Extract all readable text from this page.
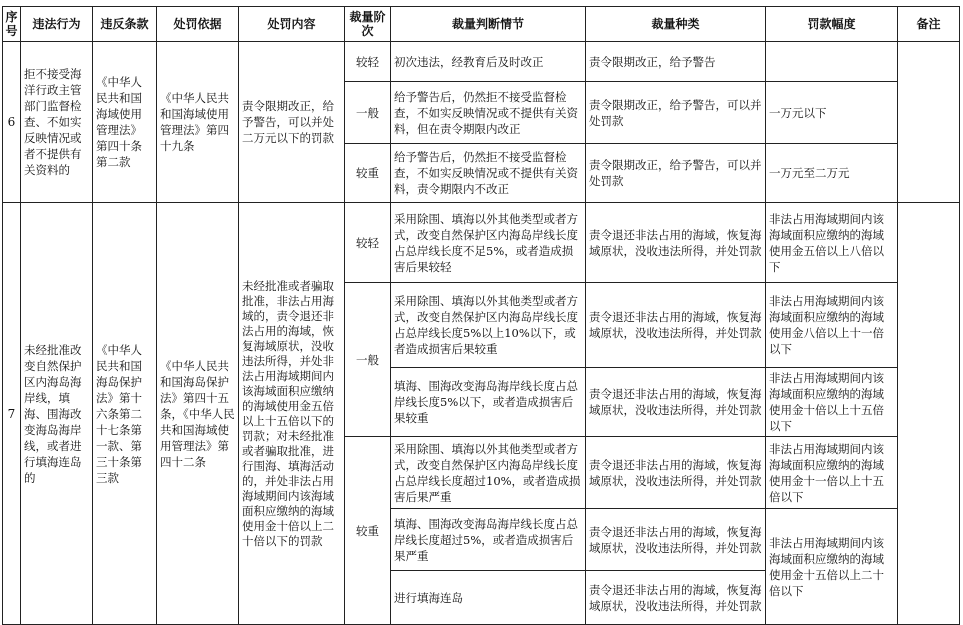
序号	违法行为	违反条款	处罚依据	处罚内容	裁量阶次	裁量判断情节	裁量种类	罚款幅度	备注
6	拒不接受海洋行政主管部门监督检查、不如实反映情况或者不提供有关资料的	《中华人民共和国海域使用管理法》第四十条第二款	《中华人民共和国海域使用管理法》第四十九条	责令限期改正，给予警告，可以并处二万元以下的罚款	较轻	初次违法，经教育后及时改正	责令限期改正，给予警告		
					一般	给予警告后，仍然拒不接受监督检查，不如实反映情况或不提供有关资料，但在责令期限内改正	责令限期改正，给予警告，可以并处罚款	一万元以下	
					较重	给予警告后，仍然拒不接受监督检查，不如实反映情况或不提供有关资料，责令期限内不改正	责令限期改正，给予警告，可以并处罚款	一万元至二万元	
7	未经批准改变自然保护区内海岛海岸线，填海、围海改变海岛海岸线，或者进行填海连岛的	《中华人民共和国海岛保护法》第十六条第二十七条第一款、第三十条第三款	《中华人民共和国海岛保护法》第四十五条，《中华人民共和国海域使用管理法》第四十二条	未经批准或者骗取批准，非法占用海域的，责令退还非法占用的海域，恢复海域原状，没收违法所得，并处非法占用海域期间内该海域面积应缴纳的海域使用金五倍以上十五倍以下的罚款；对未经批准或者骗取批准，进行围海、填海活动的，并处非法占用海域期间内该海域面积应缴纳的海域使用金十倍以上二十倍以下的罚款	较轻	采用除围、填海以外其他类型或者方式，改变自然保护区内海岛岸线长度占总岸线长度不足5%，或者造成损害后果较轻	责令退还非法占用的海域，恢复海域原状，没收违法所得，并处罚款	非法占用海域期间内该海域面积应缴纳的海域使用金五倍以上八倍以下	
					一般	采用除围、填海以外其他类型或者方式，改变自然保护区内海岛岸线长度占总岸线长度5%以上10%以下，或者造成损害后果较重	责令退还非法占用的海域，恢复海域原状，没收违法所得，并处罚款	非法占用海域期间内该海域面积应缴纳的海域使用金八倍以上十一倍以下	
						填海、围海改变海岛海岸线长度占总岸线长度5%以下，或者造成损害后果较重	责令退还非法占用的海域，恢复海域原状，没收违法所得，并处罚款	非法占用海域期间内该海域面积应缴纳的海域使用金十倍以上十五倍以下	
					较重	采用除围、填海以外其他类型或者方式，改变自然保护区内海岛岸线长度占总岸线长度超过10%，或者造成损害后果严重	责令退还非法占用的海域，恢复海域原状，没收违法所得，并处罚款	非法占用海域期间内该海域面积应缴纳的海域使用金十一倍以上十五倍以下	
						填海、围海改变海岛海岸线长度占总岸线长度超过5%，或者造成损害后果严重	责令退还非法占用的海域，恢复海域原状，没收违法所得，并处罚款	非法占用海域期间内该海域面积应缴纳的海域使用金十五倍以上二十倍以下	
						进行填海连岛	责令退还非法占用的海域，恢复海域原状，没收违法所得，并处罚款		
